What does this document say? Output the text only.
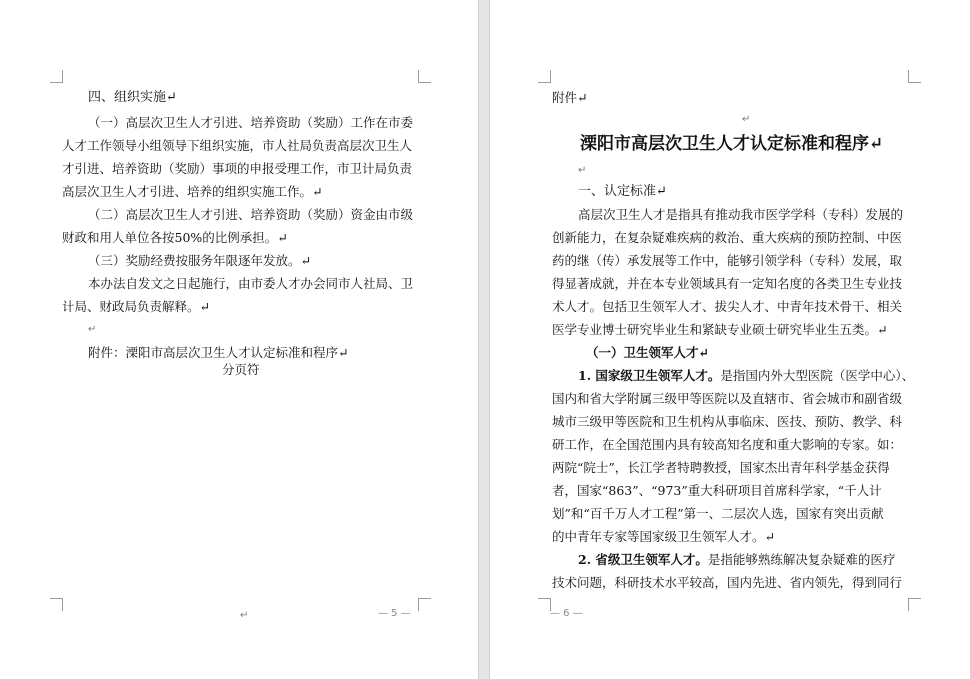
四、组织实施↵
（一）高层次卫生人才引进、培养资助（奖励）工作在市委
人才工作领导小组领导下组织实施，市人社局负责高层次卫生人
才引进、培养资助（奖励）事项的申报受理工作，市卫计局负责
高层次卫生人才引进、培养的组织实施工作。↵
（二）高层次卫生人才引进、培养资助（奖励）资金由市级
财政和用人单位各按50%的比例承担。↵
（三）奖励经费按服务年限逐年发放。↵
本办法自发文之日起施行，由市委人才办会同市人社局、卫
计局、财政局负责解释。↵
↵
附件：溧阳市高层次卫生人才认定标准和程序↵
分页符
↵	— 5 —
附件↵
↵
溧阳市高层次卫生人才认定标准和程序↵
↵
一、认定标准↵
高层次卫生人才是指具有推动我市医学学科（专科）发展的
创新能力，在复杂疑难疾病的救治、重大疾病的预防控制、中医
药的继（传）承发展等工作中，能够引领学科（专科）发展，取
得显著成就，并在本专业领域具有一定知名度的各类卫生专业技
术人才。包括卫生领军人才、拔尖人才、中青年技术骨干、相关
医学专业博士研究毕业生和紧缺专业硕士研究毕业生五类。↵
（一）卫生领军人才↵
1. 国家级卫生领军人才。是指国内外大型医院（医学中心）、
国内和省大学附属三级甲等医院以及直辖市、省会城市和副省级
城市三级甲等医院和卫生机构从事临床、医技、预防、教学、科
研工作，在全国范围内具有较高知名度和重大影响的专家。如：
两院“院士”，长江学者特聘教授，国家杰出青年科学基金获得
者，国家“863”、“973”重大科研项目首席科学家，“千人计
划”和“百千万人才工程”第一、二层次人选，国家有突出贡献
的中青年专家等国家级卫生领军人才。↵
2. 省级卫生领军人才。是指能够熟练解决复杂疑难的医疗
技术问题，科研技术水平较高，国内先进、省内领先，得到同行
— 6 —
